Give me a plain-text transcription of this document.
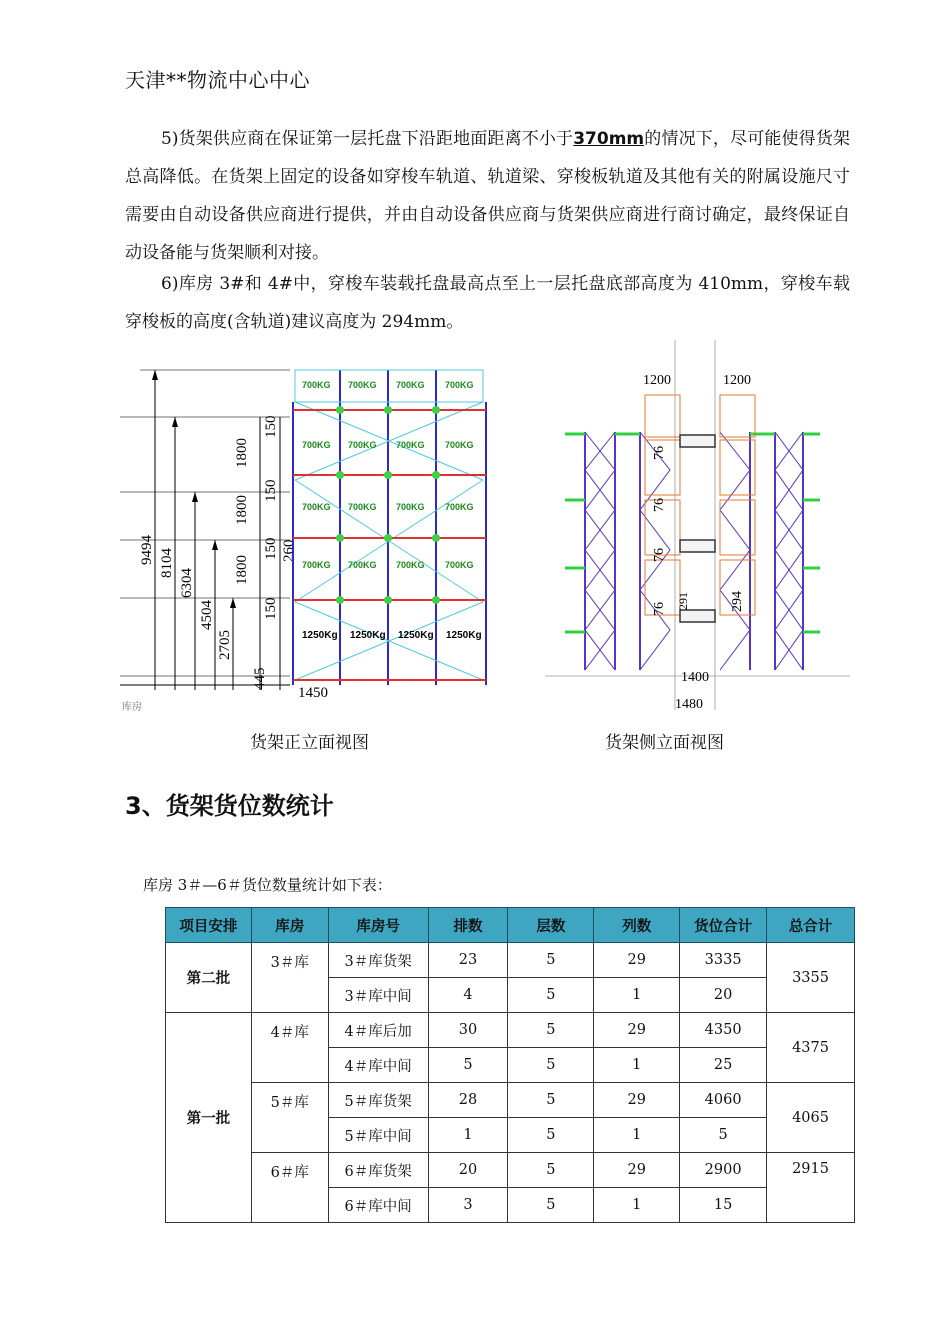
天津**物流中心中心
5)货架供应商在保证第一层托盘下沿距地面距离不小于370mm的情况下，尽可能使得货架总高降低。在货架上固定的设备如穿梭车轨道、轨道梁、穿梭板轨道及其他有关的附属设施尺寸需要由自动设备供应商进行提供，并由自动设备供应商与货架供应商进行商讨确定，最终保证自动设备能与货架顺利对接。
6)库房 3#和 4#中，穿梭车装载托盘最高点至上一层托盘底部高度为 410mm，穿梭车载穿梭板的高度(含轨道)建议高度为 294mm。
9494 8104
6304
4504
2705
445
1800
1800
1800
150
150
150
150
260
1450
库房
700KG 700KG 700KG 700KG
700KG 700KG 700KG 700KG
700KG 700KG 700KG 700KG
700KG 700KG 700KG 700KG
1250Kg 1250Kg 1250Kg 1250Kg
1200	1200
76
76
76
76 291	294
1400
1480
货架正立面视图	货架侧立面视图
3、货架货位数统计
库房 3＃—6＃货位数量统计如下表：
项目安排	库房	库房号	排数	层数	列数	货位合计	总合计
第二批	3＃库	3＃库货架	23	5	29	3335	3355
		3＃库中间	4	5	1	20	
第一批	4＃库	4＃库后加	30	5	29	4350	4375
		4＃库中间	5	5	1	25	
	5＃库	5＃库货架	28	5	29	4060	4065
		5＃库中间	1	5	1	5	
	6＃库	6＃库货架	20	5	29	2900	2915
		6＃库中间	3	5	1	15	
